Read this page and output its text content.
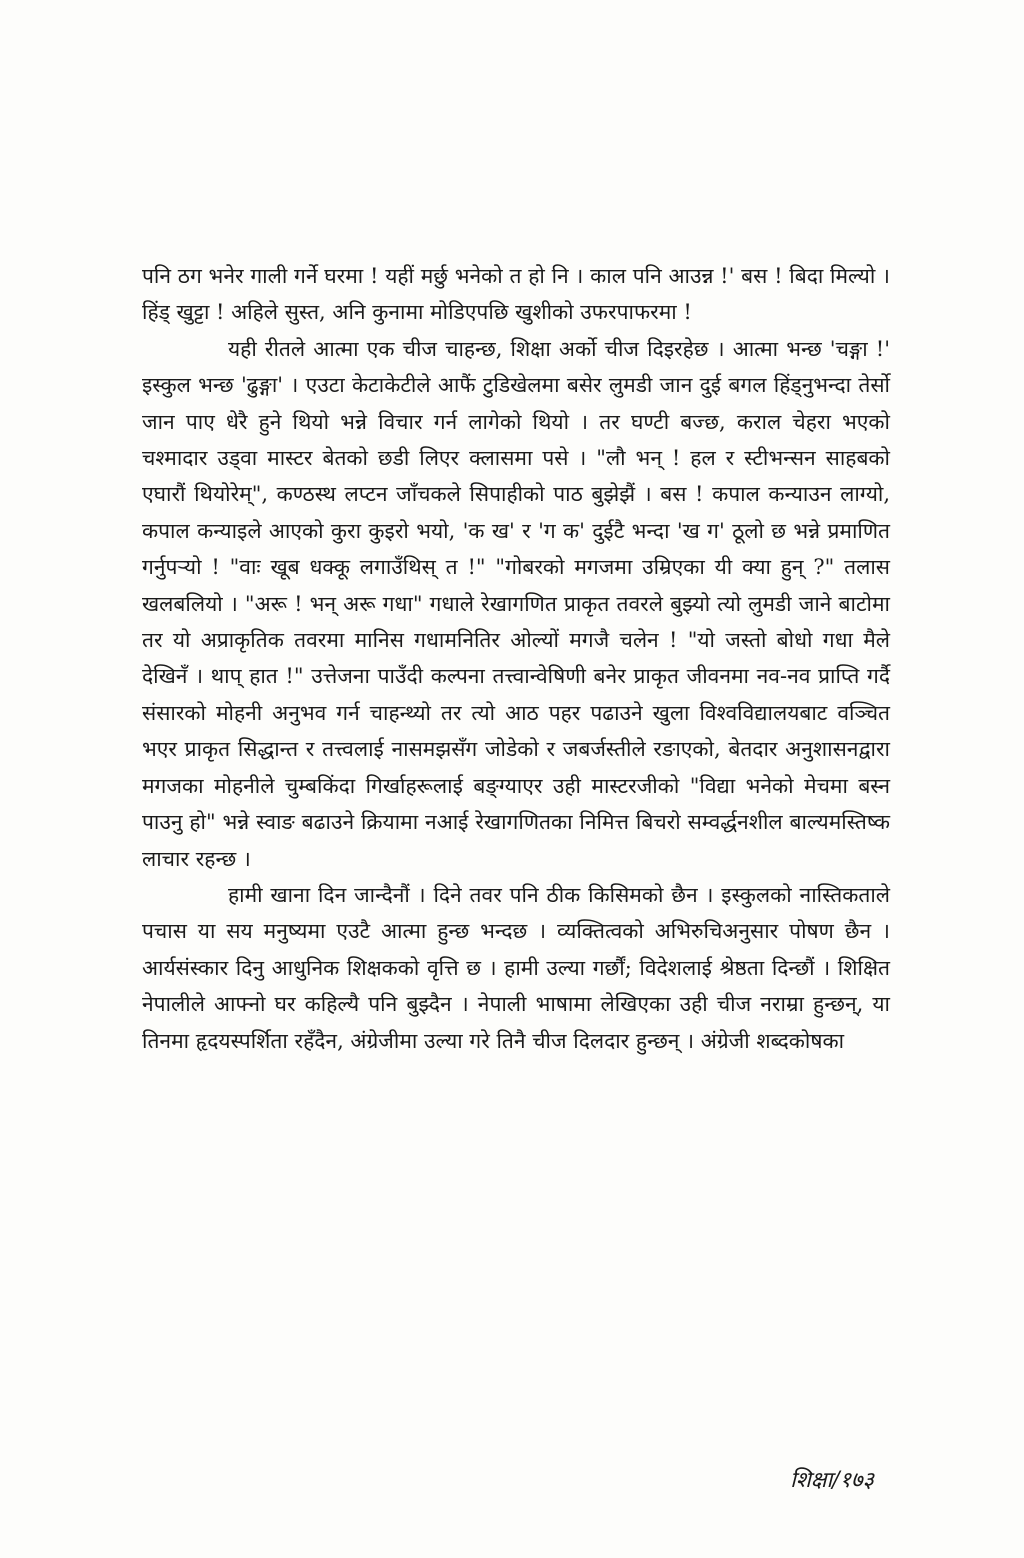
पनि ठग भनेर गाली गर्ने घरमा ! यहीं मर्छु भनेको त हो नि । काल पनि आउन्न !' बस ! बिदा मिल्यो । हिंड् खुट्टा ! अहिले सुस्त, अनि कुनामा मोडिएपछि खुशीको उफरपाफरमा !

यही रीतले आत्मा एक चीज चाहन्छ, शिक्षा अर्को चीज दिइरहेछ । आत्मा भन्छ 'चङ्गा !' इस्कुल भन्छ 'ढुङ्गा' । एउटा केटाकेटीले आफैं टुडिखेलमा बसेर लुमडी जान दुई बगल हिंड्नुभन्दा तेर्सो जान पाए धेरै हुने थियो भन्ने विचार गर्न लागेको थियो । तर घण्टी बज्छ, कराल चेहरा भएको चश्मादार उड्वा मास्टर बेतको छडी लिएर क्लासमा पसे । "लौ भन् ! हल र स्टीभन्सन साहबको एघारौं थियोरेम्", कण्ठस्थ लप्टन जाँचकले सिपाहीको पाठ बुझेझैं । बस ! कपाल कन्याउन लाग्यो, कपाल कन्याइले आएको कुरा कुइरो भयो, 'क ख' र 'ग क' दुईटै भन्दा 'ख ग' ठूलो छ भन्ने प्रमाणित गर्नुपर्‍यो ! "वाः खूब धक्कू लगाउँथिस् त !" "गोबरको मगजमा उम्रिएका यी क्या हुन् ?" तलास खलबलियो । "अरू ! भन् अरू गधा" गधाले रेखागणित प्राकृत तवरले बुझ्यो त्यो लुमडी जाने बाटोमा तर यो अप्राकृतिक तवरमा मानिस गधामनितिर ओल्यों मगजै चलेन ! "यो जस्तो बोधो गधा मैले देखिनँ । थाप् हात !" उत्तेजना पाउँदी कल्पना तत्त्वान्वेषिणी बनेर प्राकृत जीवनमा नव-नव प्राप्ति गर्दै संसारको मोहनी अनुभव गर्न चाहन्थ्यो तर त्यो आठ पहर पढाउने खुला विश्वविद्यालयबाट वञ्चित भएर प्राकृत सिद्धान्त र तत्त्वलाई नासमझसँग जोडेको र जबर्जस्तीले रङाएको, बेतदार अनुशासनद्वारा मगजका मोहनीले चुम्बकिंदा गिर्खाहरूलाई बङ्ग्याएर उही मास्टरजीको "विद्या भनेको मेचमा बस्न पाउनु हो" भन्ने स्वाङ बढाउने क्रियामा नआई रेखागणितका निमित्त बिचरो सम्वर्द्धनशील बाल्यमस्तिष्क लाचार रहन्छ ।

हामी खाना दिन जान्दैनौं । दिने तवर पनि ठीक किसिमको छैन । इस्कुलको नास्तिकताले पचास या सय मनुष्यमा एउटै आत्मा हुन्छ भन्दछ । व्यक्तित्वको अभिरुचिअनुसार पोषण छैन । आर्यसंस्कार दिनु आधुनिक शिक्षकको वृत्ति छ । हामी उल्या गर्छौं; विदेशलाई श्रेष्ठता दिन्छौं । शिक्षित नेपालीले आफ्नो घर कहिल्यै पनि बुझ्दैन । नेपाली भाषामा लेखिएका उही चीज नराम्रा हुन्छन्, या तिनमा हृदयस्पर्शिता रहँदैन, अंग्रेजीमा उल्या गरे तिनै चीज दिलदार हुन्छन् । अंग्रेजी शब्दकोषका

शिक्षा/१७३
